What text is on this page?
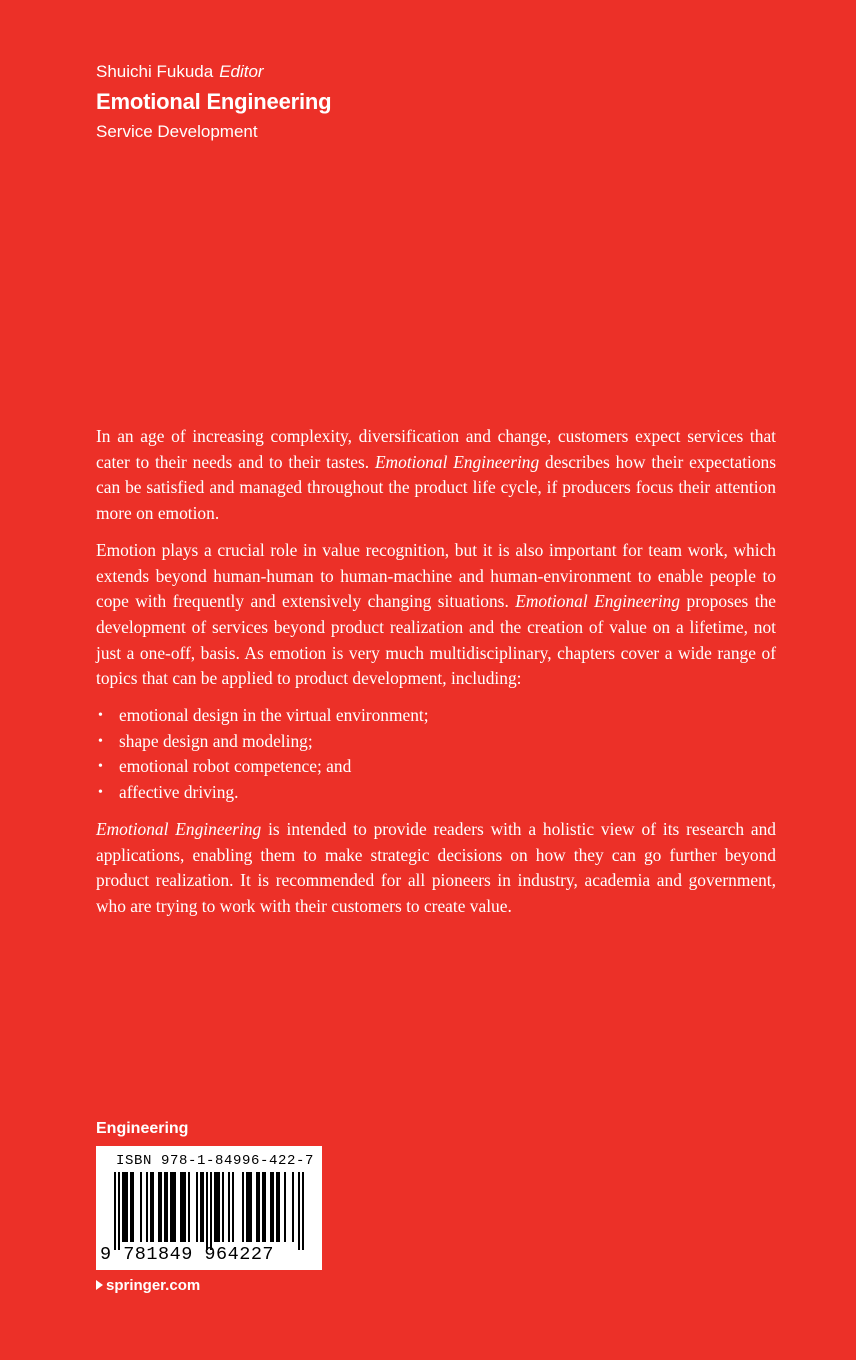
Shuichi Fukuda Editor
Emotional Engineering
Service Development

In an age of increasing complexity, diversification and change, customers expect services that cater to their needs and to their tastes. Emotional Engineering describes how their expectations can be satisfied and managed throughout the product life cycle, if producers focus their attention more on emotion.

Emotion plays a crucial role in value recognition, but it is also important for team work, which extends beyond human-human to human-machine and human-environment to enable people to cope with frequently and extensively changing situations. Emotional Engineering proposes the development of services beyond product realization and the creation of value on a lifetime, not just a one-off, basis. As emotion is very much multidisciplinary, chapters cover a wide range of topics that can be applied to product development, including:

• emotional design in the virtual environment;
• shape design and modeling;
• emotional robot competence; and
• affective driving.

Emotional Engineering is intended to provide readers with a holistic view of its research and applications, enabling them to make strategic decisions on how they can go further beyond product realization. It is recommended for all pioneers in industry, academia and government, who are trying to work with their customers to create value.

Engineering
ISBN 978-1-84996-422-7
9 781849 964227
springer.com
